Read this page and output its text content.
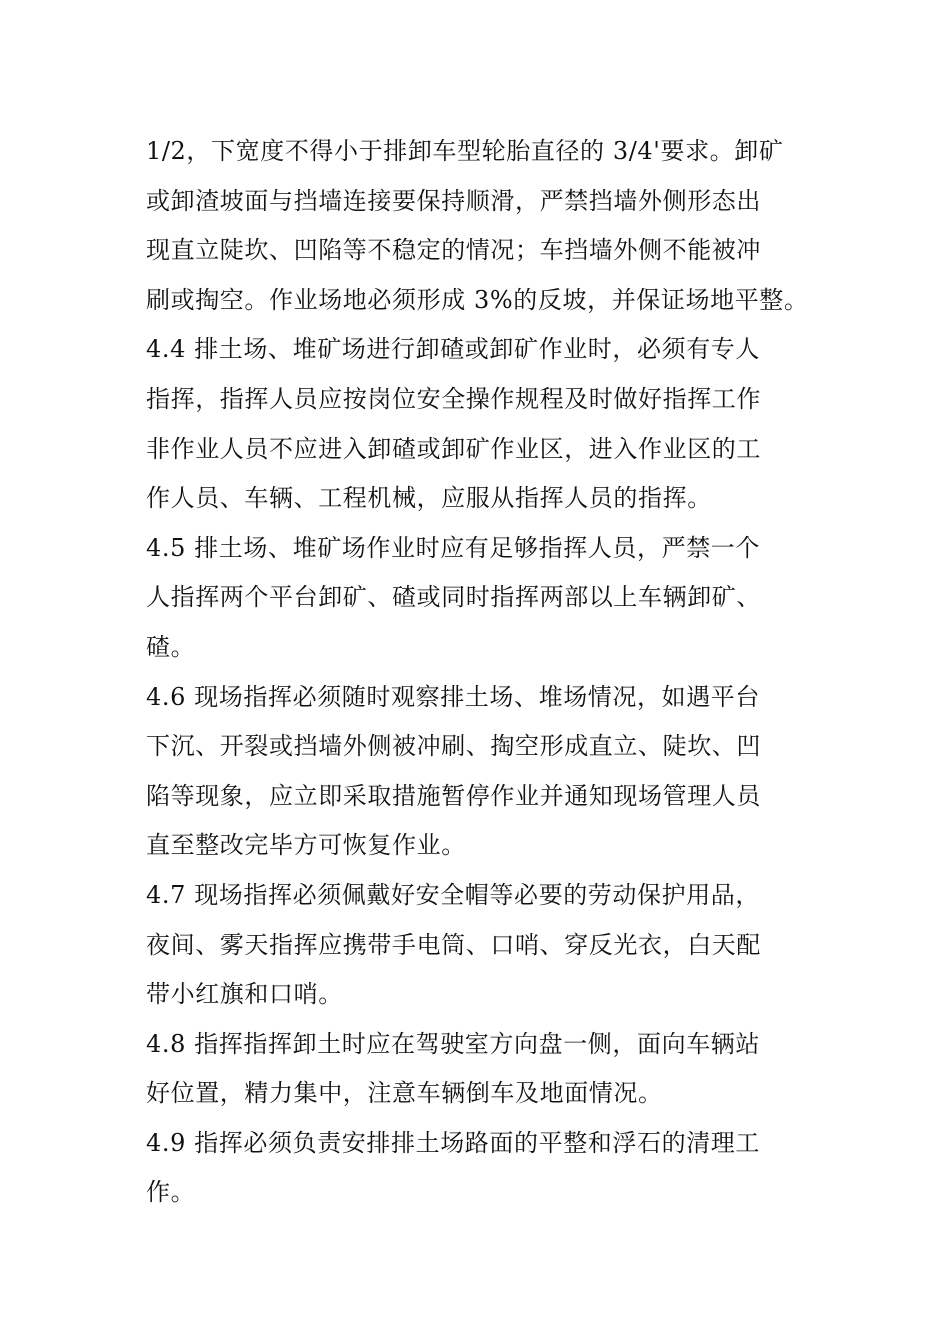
1/2，下宽度不得小于排卸车型轮胎直径的 3/4'要求。卸矿
或卸渣坡面与挡墙连接要保持顺滑，严禁挡墙外侧形态出
现直立陡坎、凹陷等不稳定的情况；车挡墙外侧不能被冲
刷或掏空。作业场地必须形成 3%的反坡，并保证场地平整。
4.4 排土场、堆矿场进行卸碴或卸矿作业时，必须有专人
指挥，指挥人员应按岗位安全操作规程及时做好指挥工作
非作业人员不应进入卸碴或卸矿作业区，进入作业区的工
作人员、车辆、工程机械，应服从指挥人员的指挥。
4.5 排土场、堆矿场作业时应有足够指挥人员，严禁一个
人指挥两个平台卸矿、碴或同时指挥两部以上车辆卸矿、
碴。
4.6 现场指挥必须随时观察排土场、堆场情况，如遇平台
下沉、开裂或挡墙外侧被冲刷、掏空形成直立、陡坎、凹
陷等现象，应立即采取措施暂停作业并通知现场管理人员
直至整改完毕方可恢复作业。
4.7 现场指挥必须佩戴好安全帽等必要的劳动保护用品，
夜间、雾天指挥应携带手电筒、口哨、穿反光衣，白天配
带小红旗和口哨。
4.8 指挥指挥卸土时应在驾驶室方向盘一侧，面向车辆站
好位置，精力集中，注意车辆倒车及地面情况。
4.9 指挥必须负责安排排土场路面的平整和浮石的清理工
作。
